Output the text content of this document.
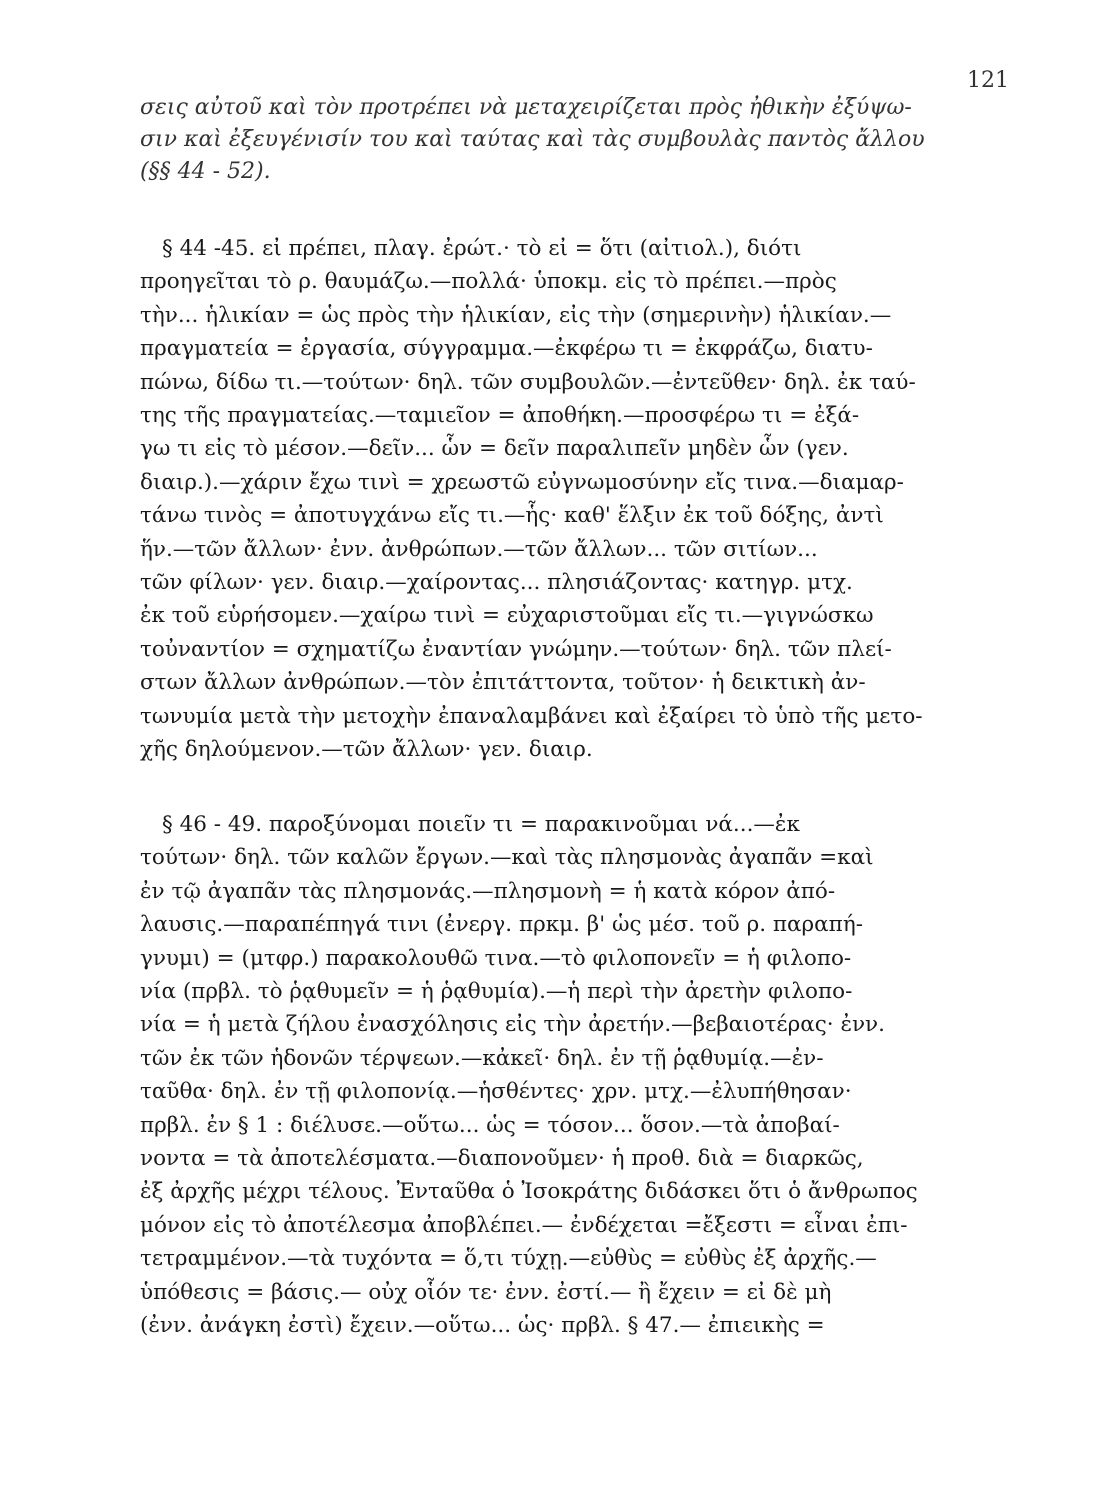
121

σεις αὐτοῦ καὶ τὸν προτρέπει νὰ μεταχειρίζεται πρὸς ἠθικὴν ἐξύψω-
σιν καὶ ἐξευγένισίν του καὶ ταύτας καὶ τὰς συμβουλὰς παντὸς ἄλλου
(§§ 44 - 52).

§ 44 -45. εἰ πρέπει, πλαγ. ἐρώτ.· τὸ εἰ = ὅτι (αἰτιολ.), διότι
προηγεῖται τὸ ρ. θαυμάζω.—πολλά· ὑποκμ. εἰς τὸ πρέπει.—πρὸς
τὴν... ἡλικίαν = ὡς πρὸς τὴν ἡλικίαν, εἰς τὴν (σημερινὴν) ἡλικίαν.—
πραγματεία = ἐργασία, σύγγραμμα.—ἐκφέρω τι = ἐκφράζω, διατυ-
πώνω, δίδω τι.—τούτων· δηλ. τῶν συμβουλῶν.—ἐντεῦθεν· δηλ. ἐκ ταύ-
της τῆς πραγματείας.—ταμιεῖον = ἀποθήκη.—προσφέρω τι = ἐξά-
γω τι εἰς τὸ μέσον.—δεῖν... ὧν = δεῖν παραλιπεῖν μηδὲν ὧν (γεν.
διαιρ.).—χάριν ἔχω τινὶ = χρεωστῶ εὐγνωμοσύνην εἴς τινα.—διαμαρ-
τάνω τινὸς = ἀποτυγχάνω εἴς τι.—ἧς· καθ' ἕλξιν ἐκ τοῦ δόξης, ἀντὶ
ἥν.—τῶν ἄλλων· ἐνν. ἀνθρώπων.—τῶν ἄλλων... τῶν σιτίων...
τῶν φίλων· γεν. διαιρ.—χαίροντας... πλησιάζοντας· κατηγρ. μτχ.
ἐκ τοῦ εὑρήσομεν.—χαίρω τινὶ = εὐχαριστοῦμαι εἴς τι.—γιγνώσκω
τοὐναντίον = σχηματίζω ἐναντίαν γνώμην.—τούτων· δηλ. τῶν πλεί-
στων ἄλλων ἀνθρώπων.—τὸν ἐπιτάττοντα, τοῦτον· ἡ δεικτικὴ ἀν-
τωνυμία μετὰ τὴν μετοχὴν ἐπαναλαμβάνει καὶ ἐξαίρει τὸ ὑπὸ τῆς μετο-
χῆς δηλούμενον.—τῶν ἄλλων· γεν. διαιρ.

§ 46 - 49. παροξύνομαι ποιεῖν τι = παρακινοῦμαι νά...—ἐκ
τούτων· δηλ. τῶν καλῶν ἔργων.—καὶ τὰς πλησμονὰς ἀγαπᾶν =καὶ
ἐν τῷ ἀγαπᾶν τὰς πλησμονάς.—πλησμονὴ = ἡ κατὰ κόρον ἀπό-
λαυσις.—παραπέπηγά τινι (ἐνεργ. πρκμ. β' ὡς μέσ. τοῦ ρ. παραπή-
γνυμι) = (μτφρ.) παρακολουθῶ τινα.—τὸ φιλοπονεῖν = ἡ φιλοπο-
νία (πρβλ. τὸ ῥᾳθυμεῖν = ἡ ῥᾳθυμία).—ἡ περὶ τὴν ἀρετὴν φιλοπο-
νία = ἡ μετὰ ζήλου ἐνασχόλησις εἰς τὴν ἀρετήν.—βεβαιοτέρας· ἐνν.
τῶν ἐκ τῶν ἡδονῶν τέρψεων.—κἀκεῖ· δηλ. ἐν τῇ ῥᾳθυμίᾳ.—ἐν-
ταῦθα· δηλ. ἐν τῇ φιλοπονίᾳ.—ἡσθέντες· χρν. μτχ.—ἐλυπήθησαν·
πρβλ. ἐν § 1 : διέλυσε.—οὕτω... ὡς = τόσον... ὅσον.—τὰ ἀποβαί-
νοντα = τὰ ἀποτελέσματα.—διαπονοῦμεν· ἡ προθ. διὰ = διαρκῶς,
ἐξ ἀρχῆς μέχρι τέλους. Ἐνταῦθα ὁ Ἰσοκράτης διδάσκει ὅτι ὁ ἄνθρωπος
μόνον εἰς τὸ ἀποτέλεσμα ἀποβλέπει.— ἐνδέχεται =ἔξεστι = εἶναι ἐπι-
τετραμμένον.—τὰ τυχόντα = ὅ,τι τύχῃ.—εὐθὺς = εὐθὺς ἐξ ἀρχῆς.—
ὑπόθεσις = βάσις.— οὐχ οἷόν τε· ἐνν. ἐστί.— ἢ ἔχειν = εἰ δὲ μὴ
(ἐνν. ἀνάγκη ἐστὶ) ἔχειν.—οὕτω... ὡς· πρβλ. § 47.— ἐπιεικὴς =
